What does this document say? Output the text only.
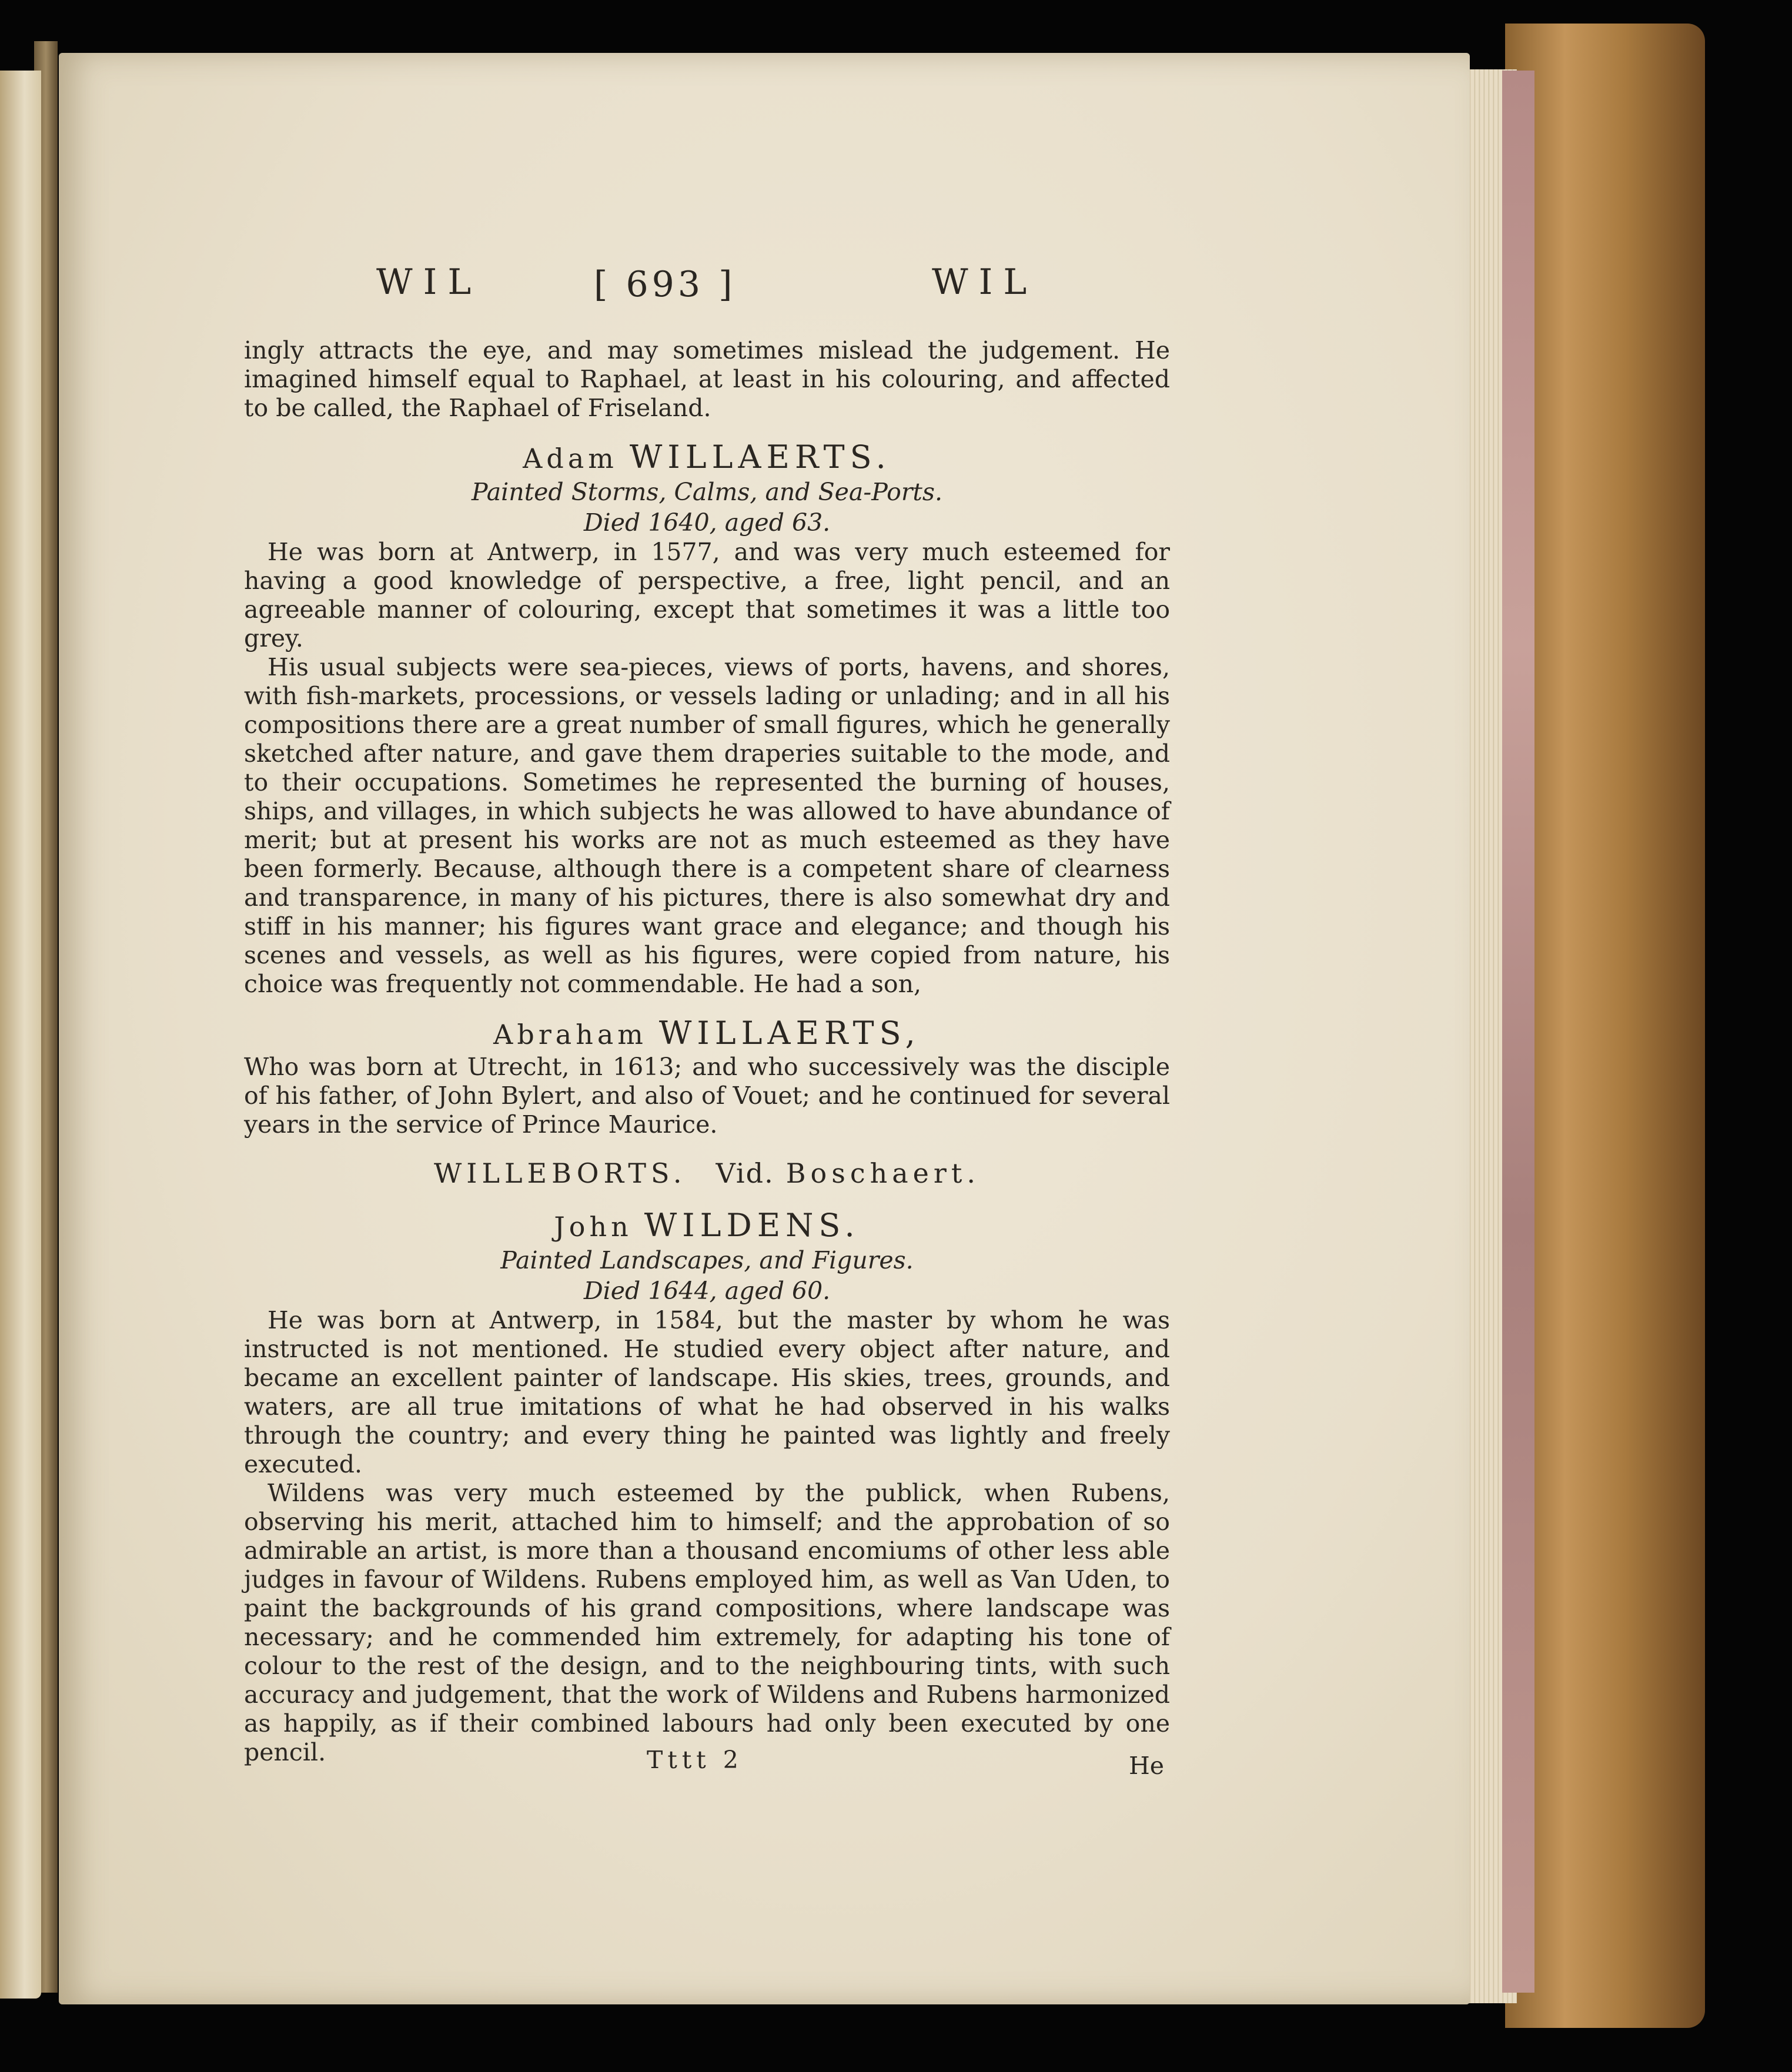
WIL	[ 693 ]	WIL

ingly attracts the eye, and may sometimes mislead the judgement. He imagined himself equal to Raphael, at least in his colouring, and affected to be called, the Raphael of Friseland.

Adam WILLAERTS.

Painted Storms, Calms, and Sea-Ports.

Died 1640, aged 63.

He was born at Antwerp, in 1577, and was very much esteemed for having a good knowledge of perspective, a free, light pencil, and an agreeable manner of colouring, except that sometimes it was a little too grey.

His usual subjects were sea-pieces, views of ports, havens, and shores, with fish-markets, processions, or vessels lading or unlading; and in all his compositions there are a great number of small figures, which he generally sketched after nature, and gave them draperies suitable to the mode, and to their occupations. Sometimes he represented the burning of houses, ships, and villages, in which subjects he was allowed to have abundance of merit; but at present his works are not as much esteemed as they have been formerly. Because, although there is a competent share of clearness and transparence, in many of his pictures, there is also somewhat dry and stiff in his manner; his figures want grace and elegance; and though his scenes and vessels, as well as his figures, were copied from nature, his choice was frequently not commendable. He had a son,

Abraham WILLAERTS,

Who was born at Utrecht, in 1613; and who successively was the disciple of his father, of John Bylert, and also of Vouet; and he continued for several years in the service of Prince Maurice.

WILLEBORTS. Vid. Boschaert.
John WILDENS.

Painted Landscapes, and Figures.

Died 1644, aged 60.

He was born at Antwerp, in 1584, but the master by whom he was instructed is not mentioned. He studied every object after nature, and became an excellent painter of landscape. His skies, trees, grounds, and waters, are all true imitations of what he had observed in his walks through the country; and every thing he painted was lightly and freely executed.

Wildens was very much esteemed by the publick, when Rubens, observing his merit, attached him to himself; and the approbation of so admirable an artist, is more than a thousand encomiums of other less able judges in favour of Wildens. Rubens employed him, as well as Van Uden, to paint the backgrounds of his grand compositions, where landscape was necessary; and he commended him extremely, for adapting his tone of colour to the rest of the design, and to the neighbouring tints, with such accuracy and judgement, that the work of Wildens and Rubens harmonized as happily, as if their combined labours had only been executed by one pencil.	Tttt 2	He
